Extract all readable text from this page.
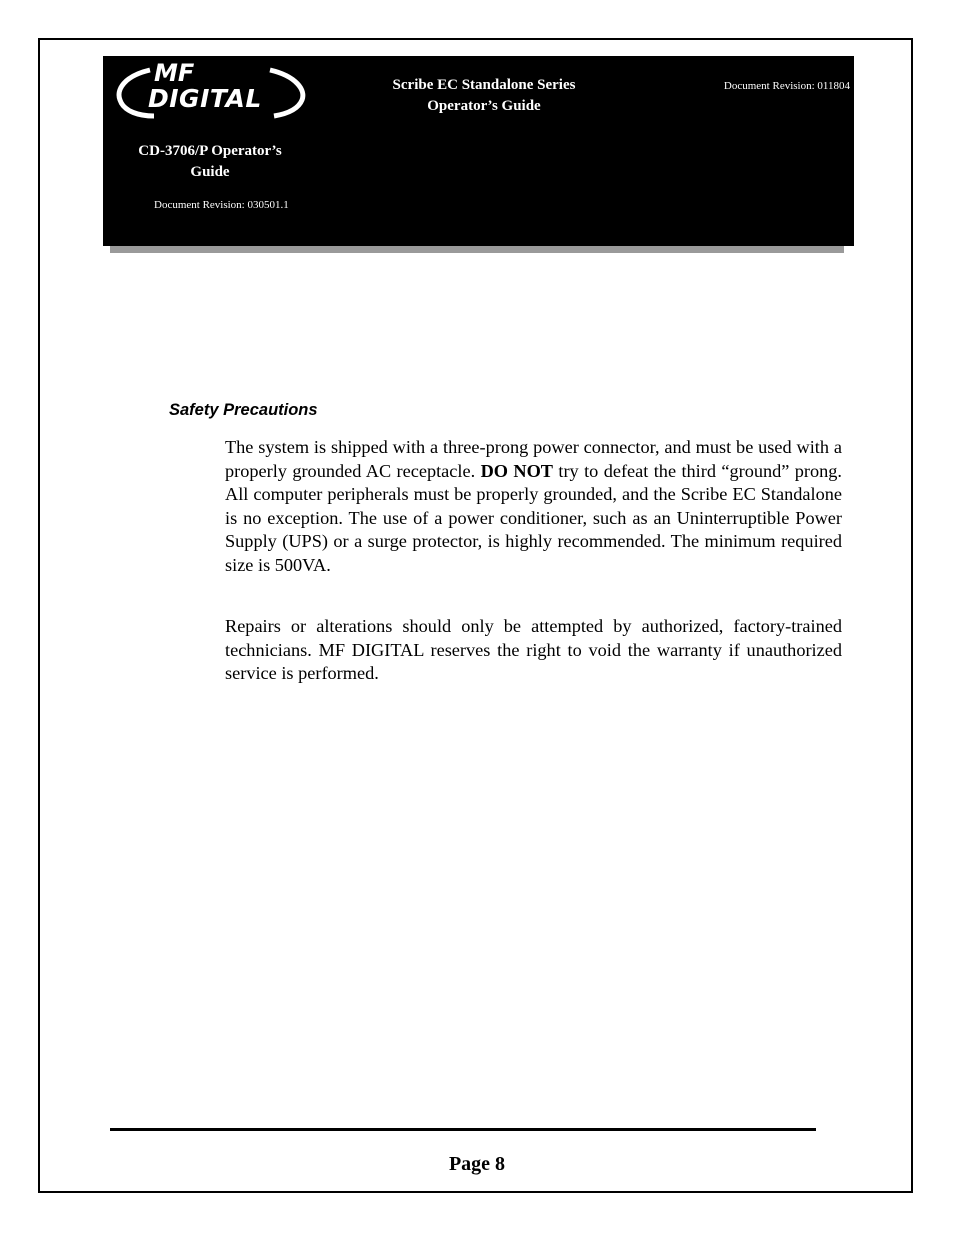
MF
DIGITAL	Scribe EC Standalone Series
Operator’s Guide
Document Revision: 011804
CD-3706/P Operator’s
Guide
Document Revision: 030501.1
Safety Precautions

The system is shipped with a three-prong power connector, and must be used with a properly grounded AC receptacle. DO NOT try to defeat the third “ground” prong. All computer peripherals must be properly grounded, and the Scribe EC Standalone is no exception. The use of a power conditioner, such as an Uninterruptible Power Supply (UPS) or a surge protector, is highly recommended. The minimum required size is 500VA.

Repairs or alterations should only be attempted by authorized, factory-trained technicians. MF DIGITAL reserves the right to void the warranty if unauthorized service is performed.

Page 8
